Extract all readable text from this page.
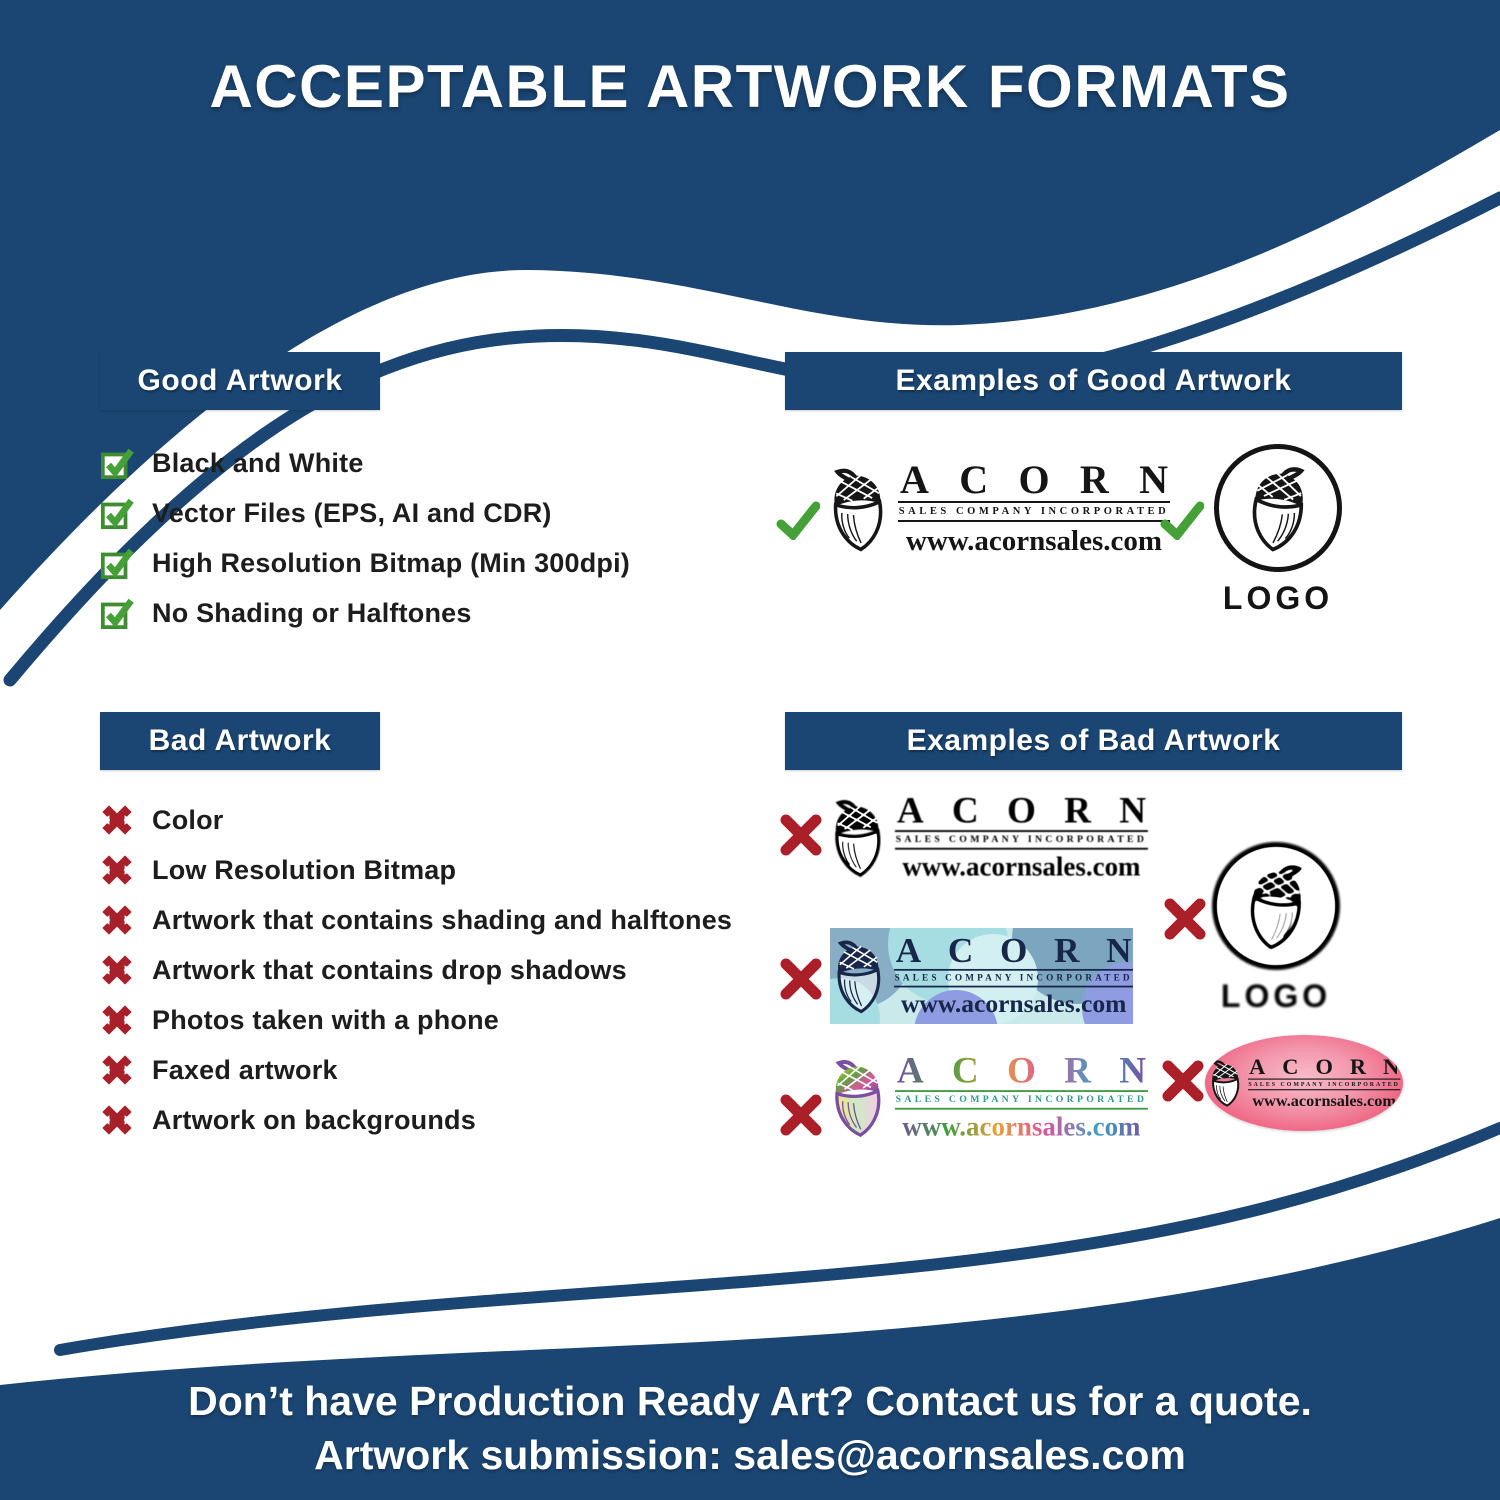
ACCEPTABLE ARTWORK FORMATS
Good Artwork	Examples of Good Artwork
Bad Artwork	Examples of Bad Artwork
Black and White
Vector Files (EPS, AI and CDR)
High Resolution Bitmap (Min 300dpi)
No Shading or Halftones
Color
Low Resolution Bitmap
Artwork that contains shading and halftones
Artwork that contains drop shadows
Photos taken with a phone
Faxed artwork
Artwork on backgrounds
A C O R N
SALES COMPANY INCORPORATED
www.acornsales.com
LOGO
A C O R N
SALES COMPANY INCORPORATED
www.acornsales.com
LOGO
A C O R N
SALES COMPANY INCORPORATED
www.acornsales.com
A C O R N
SALES COMPANY INCORPORATED
www.acornsales.com
A C O R N
SALES COMPANY INCORPORATED
www.acornsales.com
Don’t have Production Ready Art? Contact us for a quote.
Artwork submission: sales@acornsales.com
